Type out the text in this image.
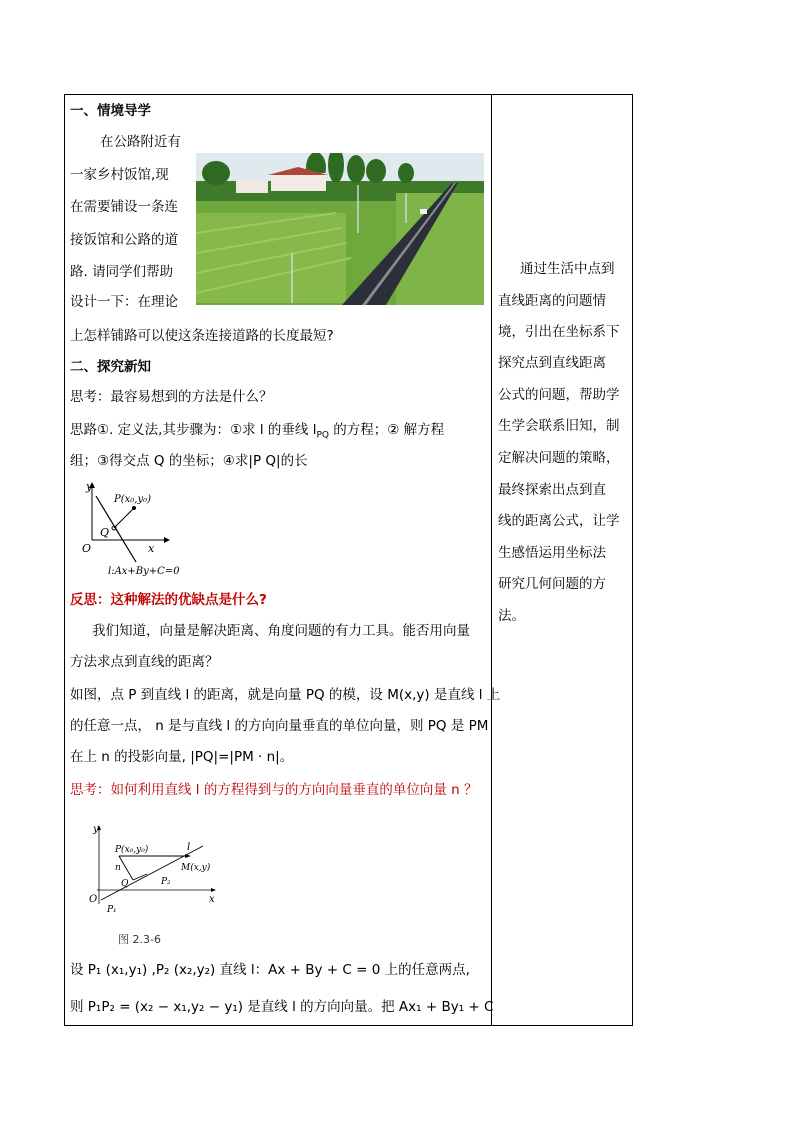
一、情境导学
在公路附近有
一家乡村饭馆,现
在需要铺设一条连
接饭馆和公路的道
路. 请同学们帮助
设计一下：在理论
上怎样铺路可以使这条连接道路的长度最短?
二、探究新知
思考：最容易想到的方法是什么？
思路①. 定义法,其步骤为：①求 l 的垂线 $l_{PQ}$ 的方程；② 解方程
组；③得交点 Q 的坐标；④求|P Q|的长
反思：这种解法的优缺点是什么?
我们知道，向量是解决距离、角度问题的有力工具。能否用向量
方法求点到直线的距离？
如图，点 P 到直线 l 的距离，就是向量 PQ 的模，设 M(x,y) 是直线 l 上
的任意一点， n 是与直线 l 的方向向量垂直的单位向量，则 PQ 是 PM
在上 n 的投影向量, |PQ|=|PM · n|。
思考：如何利用直线 l 的方程得到与的方向向量垂直的单位向量 n ？
设 P₁ (x₁,y₁) ,P₂ (x₂,y₂) 直线 l：Ax + By + C = 0 上的任意两点,
则 P₁P₂ = (x₂ − x₁,y₂ − y₁) 是直线 l 的方向向量。把 Ax₁ + By₁ + C
y
x
O
Q
P(x₀,y₀)
l:Ax+By+C=0
y
x
O
P(x₀,y₀)	l
M(x,y)
n
Q	P₂
P₁
图 2.3-6
通过生活中点到
直线距离的问题情
境，引出在坐标系下
探究点到直线距离
公式的问题，帮助学
生学会联系旧知，制
定解决问题的策略，
最终探索出点到直
线的距离公式，让学
生感悟运用坐标法
研究几何问题的方
法。
